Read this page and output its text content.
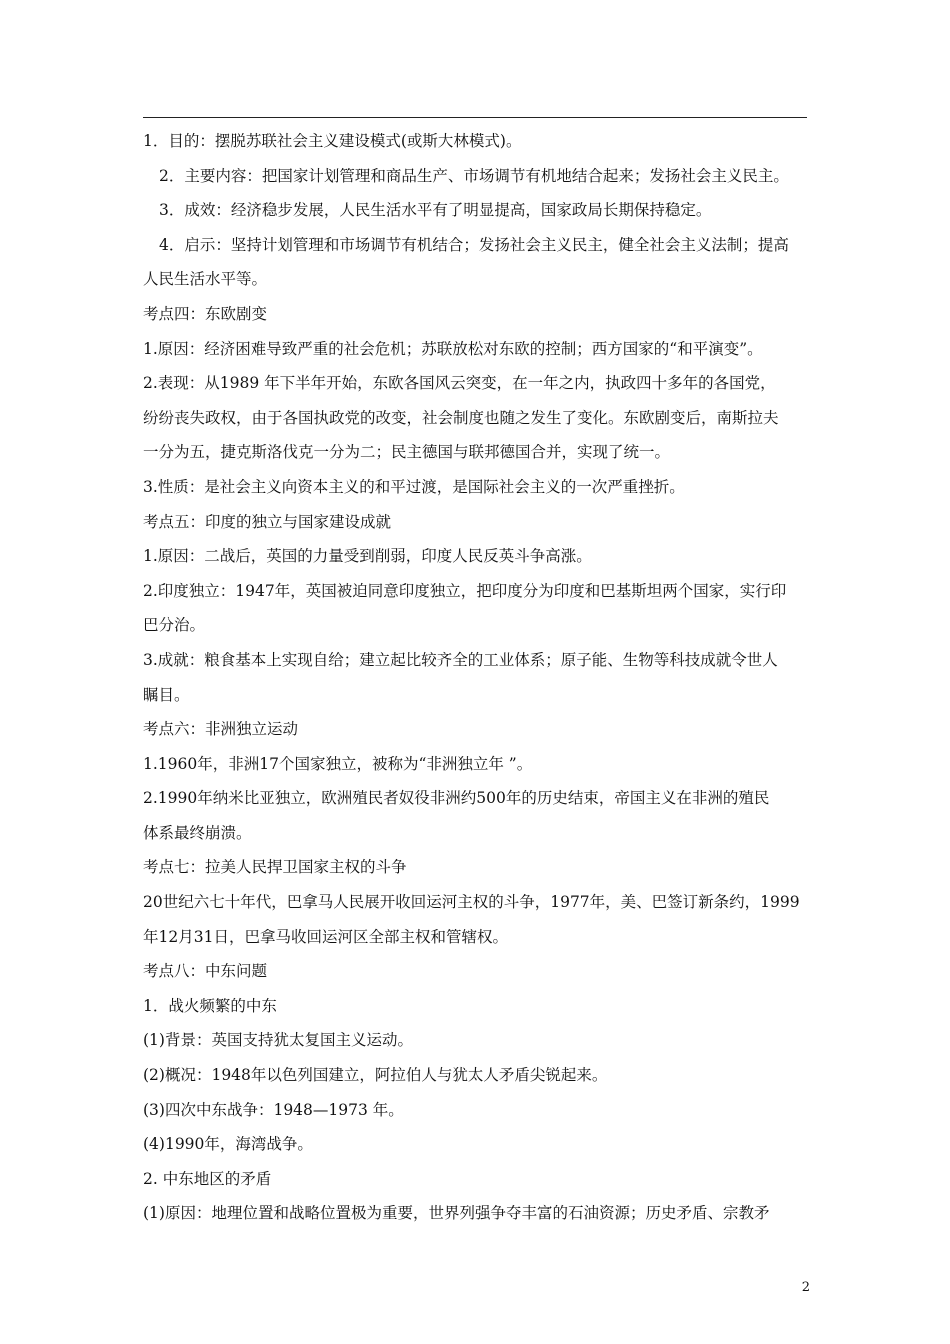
1．目的：摆脱苏联社会主义建设模式(或斯大林模式)。
2．主要内容：把国家计划管理和商品生产、市场调节有机地结合起来；发扬社会主义民主。
3．成效：经济稳步发展，人民生活水平有了明显提高，国家政局长期保持稳定。
4．启示：坚持计划管理和市场调节有机结合；发扬社会主义民主，健全社会主义法制；提高
人民生活水平等。
考点四：东欧剧变
1.原因：经济困难导致严重的社会危机；苏联放松对东欧的控制；西方国家的“和平演变”。
2.表现：从1989 年下半年开始，东欧各国风云突变，在一年之内，执政四十多年的各国党，
纷纷丧失政权，由于各国执政党的改变，社会制度也随之发生了变化。东欧剧变后，南斯拉夫
一分为五，捷克斯洛伐克一分为二；民主德国与联邦德国合并，实现了统一。
3.性质：是社会主义向资本主义的和平过渡，是国际社会主义的一次严重挫折。
考点五：印度的独立与国家建设成就
1.原因：二战后，英国的力量受到削弱，印度人民反英斗争高涨。
2.印度独立：1947年，英国被迫同意印度独立，把印度分为印度和巴基斯坦两个国家，实行印
巴分治。
3.成就：粮食基本上实现自给；建立起比较齐全的工业体系；原子能、生物等科技成就令世人
瞩目。
考点六：非洲独立运动
1.1960年，非洲17个国家独立，被称为“非洲独立年 ”。
2.1990年纳米比亚独立，欧洲殖民者奴役非洲约500年的历史结束，帝国主义在非洲的殖民
体系最终崩溃。
考点七：拉美人民捍卫国家主权的斗争
20世纪六七十年代，巴拿马人民展开收回运河主权的斗争，1977年，美、巴签订新条约，1999
年12月31日，巴拿马收回运河区全部主权和管辖权。
考点八：中东问题
1．战火频繁的中东
(1)背景：英国支持犹太复国主义运动。
(2)概况：1948年以色列国建立，阿拉伯人与犹太人矛盾尖锐起来。
(3)四次中东战争：1948—1973 年。
(4)1990年，海湾战争。
2. 中东地区的矛盾
(1)原因：地理位置和战略位置极为重要，世界列强争夺丰富的石油资源；历史矛盾、宗教矛
2
